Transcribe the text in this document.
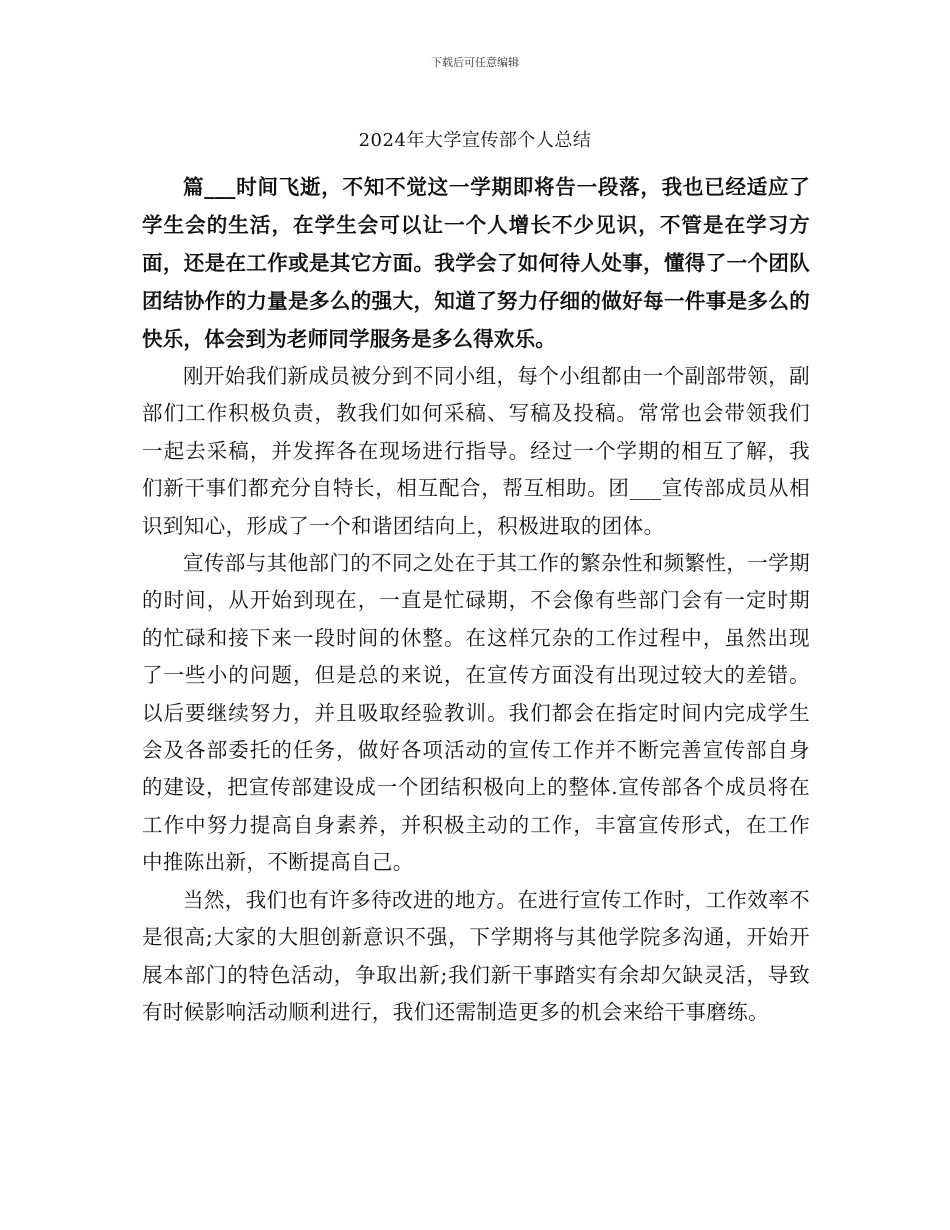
下载后可任意编辑
2024年大学宣传部个人总结

篇___时间飞逝，不知不觉这一学期即将告一段落，我也已经适应了学生会的生活，在学生会可以让一个人增长不少见识，不管是在学习方面，还是在工作或是其它方面。我学会了如何待人处事，懂得了一个团队团结协作的力量是多么的强大，知道了努力仔细的做好每一件事是多么的快乐，体会到为老师同学服务是多么得欢乐。

刚开始我们新成员被分到不同小组，每个小组都由一个副部带领，副部们工作积极负责，教我们如何采稿、写稿及投稿。常常也会带领我们一起去采稿，并发挥各在现场进行指导。经过一个学期的相互了解，我们新干事们都充分自特长，相互配合，帮互相助。团___宣传部成员从相识到知心，形成了一个和谐团结向上，积极进取的团体。

宣传部与其他部门的不同之处在于其工作的繁杂性和频繁性，一学期的时间，从开始到现在，一直是忙碌期，不会像有些部门会有一定时期的忙碌和接下来一段时间的休整。在这样冗杂的工作过程中，虽然出现了一些小的问题，但是总的来说，在宣传方面没有出现过较大的差错。以后要继续努力，并且吸取经验教训。我们都会在指定时间内完成学生会及各部委托的任务，做好各项活动的宣传工作并不断完善宣传部自身的建设，把宣传部建设成一个团结积极向上的整体.宣传部各个成员将在工作中努力提高自身素养，并积极主动的工作，丰富宣传形式，在工作中推陈出新，不断提高自己。

当然，我们也有许多待改进的地方。在进行宣传工作时，工作效率不是很高;大家的大胆创新意识不强，下学期将与其他学院多沟通，开始开展本部门的特色活动，争取出新;我们新干事踏实有余却欠缺灵活，导致有时候影响活动顺利进行，我们还需制造更多的机会来给干事磨练。
